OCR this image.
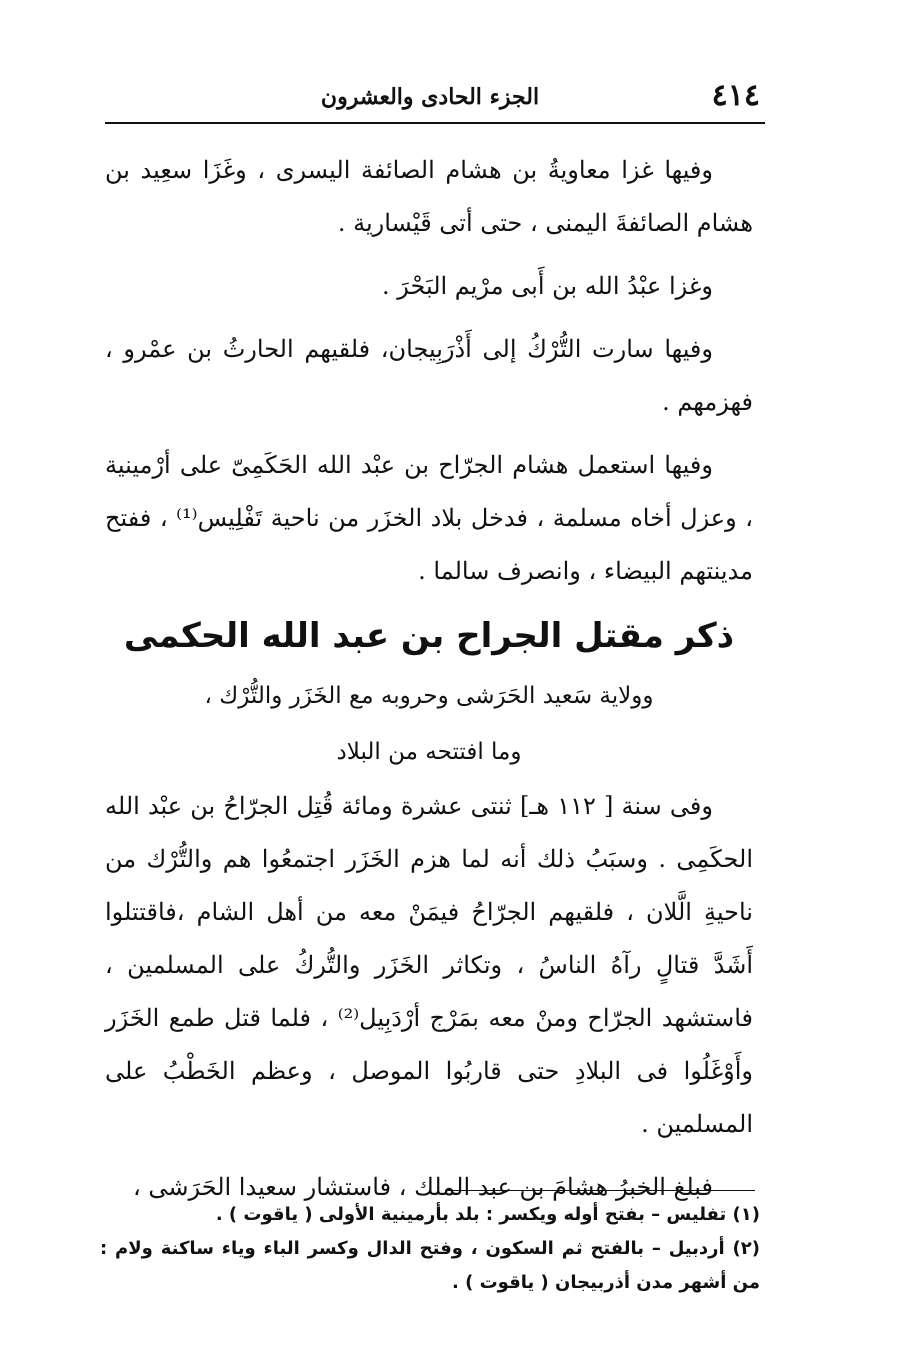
٤١٤
الجزء الحادى والعشرون

وفيها غزا معاويةُ بن هشام الصائفة اليسرى ، وغَزَا سعِيد بن هشام الصائفةَ اليمنى ، حتى أتى قَيْسارية .

وغزا عبْدُ الله بن أَبى مرْيم البَحْرَ .

وفيها سارت التُّرْكُ إلى أَذْرَبِيجان، فلقيهم الحارثُ بن عمْرو ، فهزمهم .

وفيها استعمل هشام الجرّاح بن عبْد الله الحَكَمِىّ على أرْمينية ، وعزل أخاه مسلمة ، فدخل بلاد الخزَر من ناحية تَفْلِيس⁽¹⁾ ، ففتح مدينتهم البيضاء ، وانصرف سالما .

ذكر مقتل الجراح بن عبد الله الحكمى

وولاية سَعيد الحَرَشى وحروبه مع الخَزَر والتُّرْك ،

وما افتتحه من البلاد

وفى سنة [ ١١٢ هـ] ثنتى عشرة ومائة قُتِل الجرّاحُ بن عبْد الله الحكَمِى . وسبَبُ ذلك أنه لما هزم الخَزَر اجتمعُوا هم والتُّرْك من ناحيةِ الَّلان ، فلقيهم الجرّاحُ فيمَنْ معه من أهل الشام ،فاقتتلوا أَشَدَّ قتالٍ رآهُ الناسُ ، وتكاثر الخَزَر والتُّركُ على المسلمين ، فاستشهد الجرّاح ومنْ معه بمَرْج أرْدَبِيل⁽²⁾ ، فلما قتل طمع الخَزَر وأَوْغَلُوا فى البلادِ حتى قاربُوا الموصل ، وعظم الخَطْبُ على المسلمين .

فبلغ الخبرُ هشامَ بن عبد الملك ، فاستشار سعيدا الحَرَشى ،

(١) تفليس – بفتح أوله ويكسر : بلد بأرمينية الأولى ( ياقوت ) .

(٢) أردبيل – بالفتح ثم السكون ، وفتح الدال وكسر الباء وياء ساكنة ولام : من أشهر مدن أذربيجان ( ياقوت ) .
